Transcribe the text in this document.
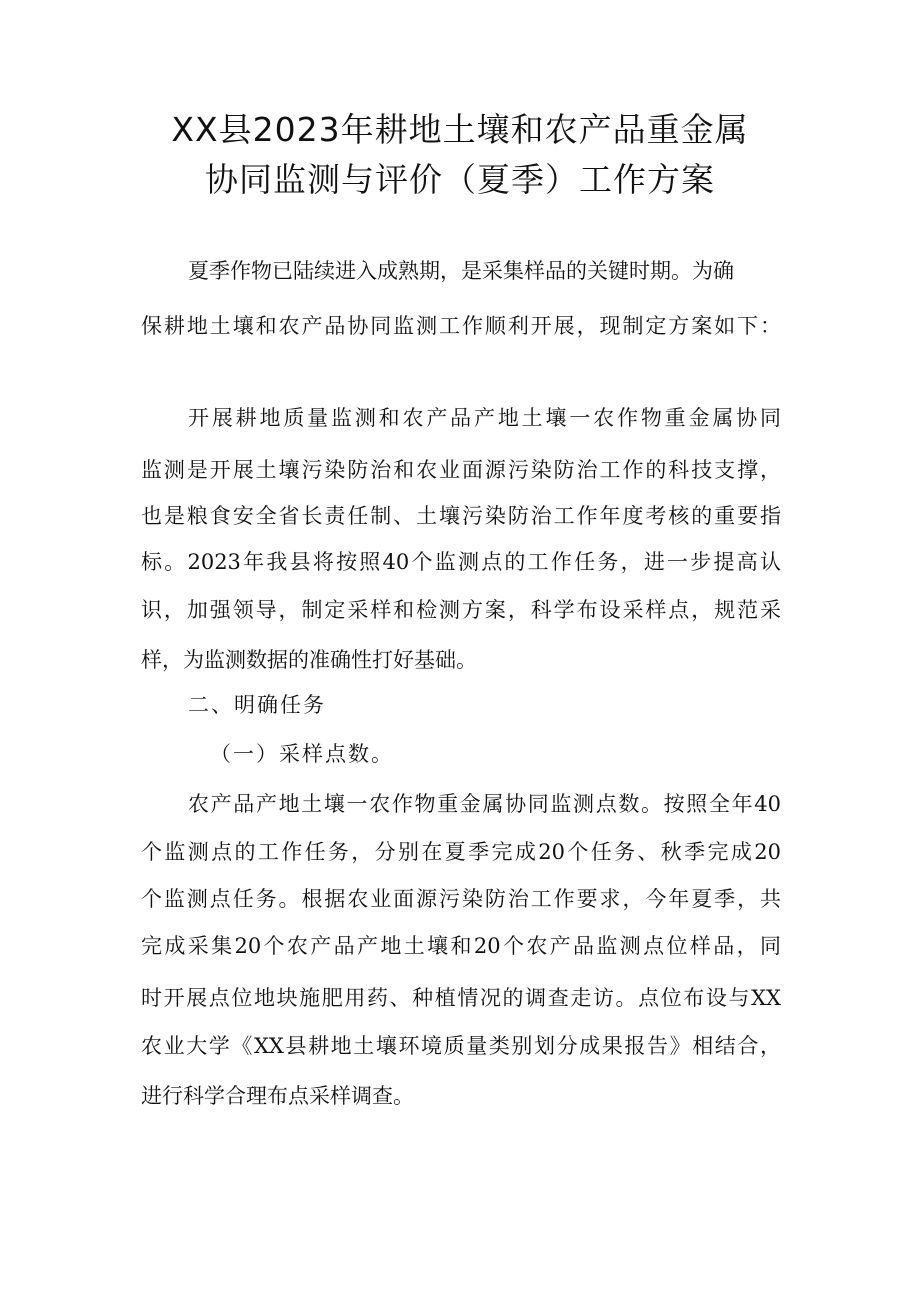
XX县2023年耕地土壤和农产品重金属
协同监测与评价（夏季）工作方案
夏季作物已陆续进入成熟期，是采集样品的关键时期。为确
保耕地土壤和农产品协同监测工作顺利开展，现制定方案如下：
开展耕地质量监测和农产品产地土壤一农作物重金属协同
监测是开展土壤污染防治和农业面源污染防治工作的科技支撑，
也是粮食安全省长责任制、土壤污染防治工作年度考核的重要指
标。2023年我县将按照40个监测点的工作任务，进一步提高认
识，加强领导，制定采样和检测方案，科学布设采样点，规范采
样，为监测数据的准确性打好基础。
二、明确任务
（一）采样点数。
农产品产地土壤一农作物重金属协同监测点数。按照全年40
个监测点的工作任务，分别在夏季完成20个任务、秋季完成20
个监测点任务。根据农业面源污染防治工作要求，今年夏季，共
完成采集20个农产品产地土壤和20个农产品监测点位样品，同
时开展点位地块施肥用药、种植情况的调查走访。点位布设与XX
农业大学《XX县耕地土壤环境质量类别划分成果报告》相结合，
进行科学合理布点采样调查。
